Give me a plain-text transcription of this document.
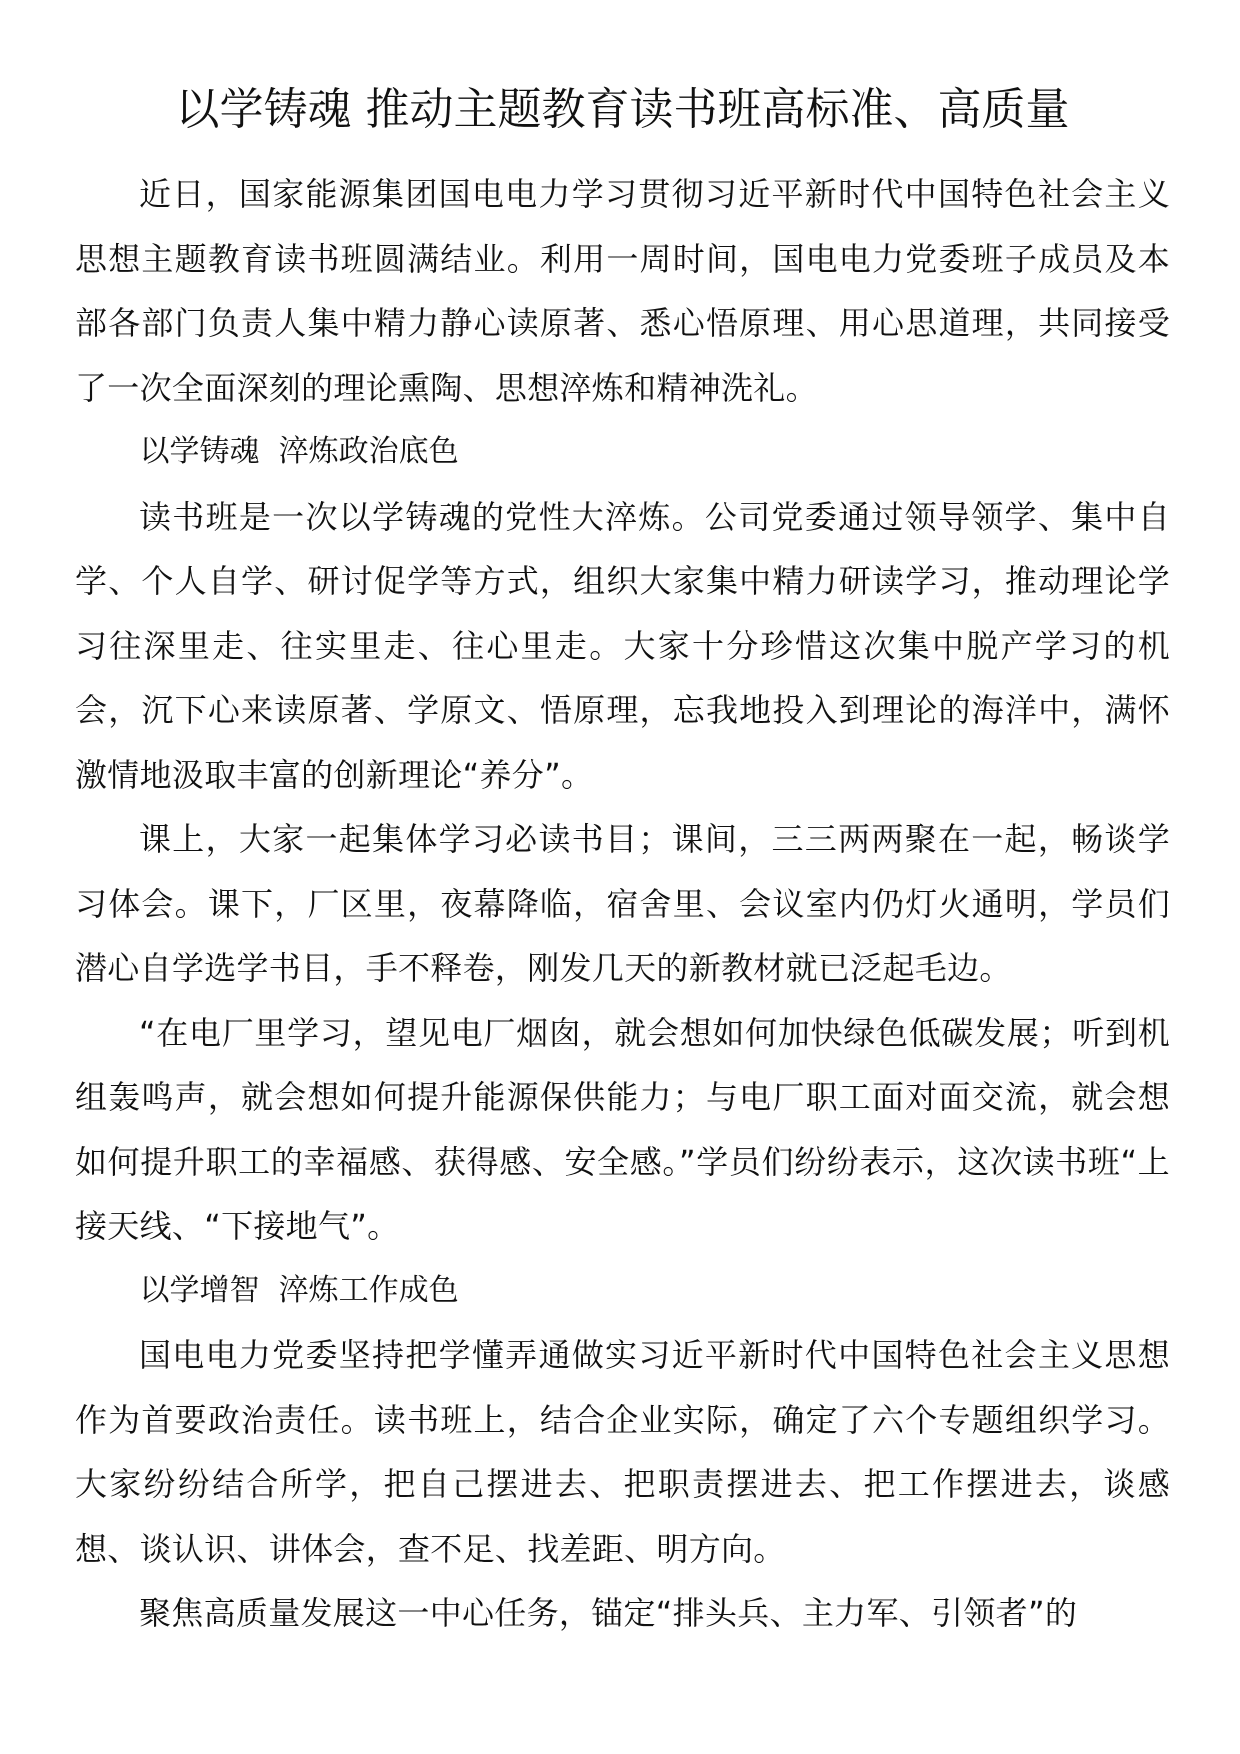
以学铸魂 推动主题教育读书班高标准、高质量

近日，国家能源集团国电电力学习贯彻习近平新时代中国特色社会主义思想主题教育读书班圆满结业。利用一周时间，国电电力党委班子成员及本部各部门负责人集中精力静心读原著、悉心悟原理、用心思道理，共同接受了一次全面深刻的理论熏陶、思想淬炼和精神洗礼。

以学铸魂  淬炼政治底色

读书班是一次以学铸魂的党性大淬炼。公司党委通过领导领学、集中自学、个人自学、研讨促学等方式，组织大家集中精力研读学习，推动理论学习往深里走、往实里走、往心里走。大家十分珍惜这次集中脱产学习的机会，沉下心来读原著、学原文、悟原理，忘我地投入到理论的海洋中，满怀激情地汲取丰富的创新理论“养分”。

课上，大家一起集体学习必读书目；课间，三三两两聚在一起，畅谈学习体会。课下，厂区里，夜幕降临，宿舍里、会议室内仍灯火通明，学员们潜心自学选学书目，手不释卷，刚发几天的新教材就已泛起毛边。

“在电厂里学习，望见电厂烟囱，就会想如何加快绿色低碳发展；听到机组轰鸣声，就会想如何提升能源保供能力；与电厂职工面对面交流，就会想如何提升职工的幸福感、获得感、安全感。”学员们纷纷表示，这次读书班“上接天线、“下接地气”。

以学增智  淬炼工作成色

国电电力党委坚持把学懂弄通做实习近平新时代中国特色社会主义思想作为首要政治责任。读书班上，结合企业实际，确定了六个专题组织学习。大家纷纷结合所学，把自己摆进去、把职责摆进去、把工作摆进去，谈感想、谈认识、讲体会，查不足、找差距、明方向。

聚焦高质量发展这一中心任务，锚定“排头兵、主力军、引领者”的
